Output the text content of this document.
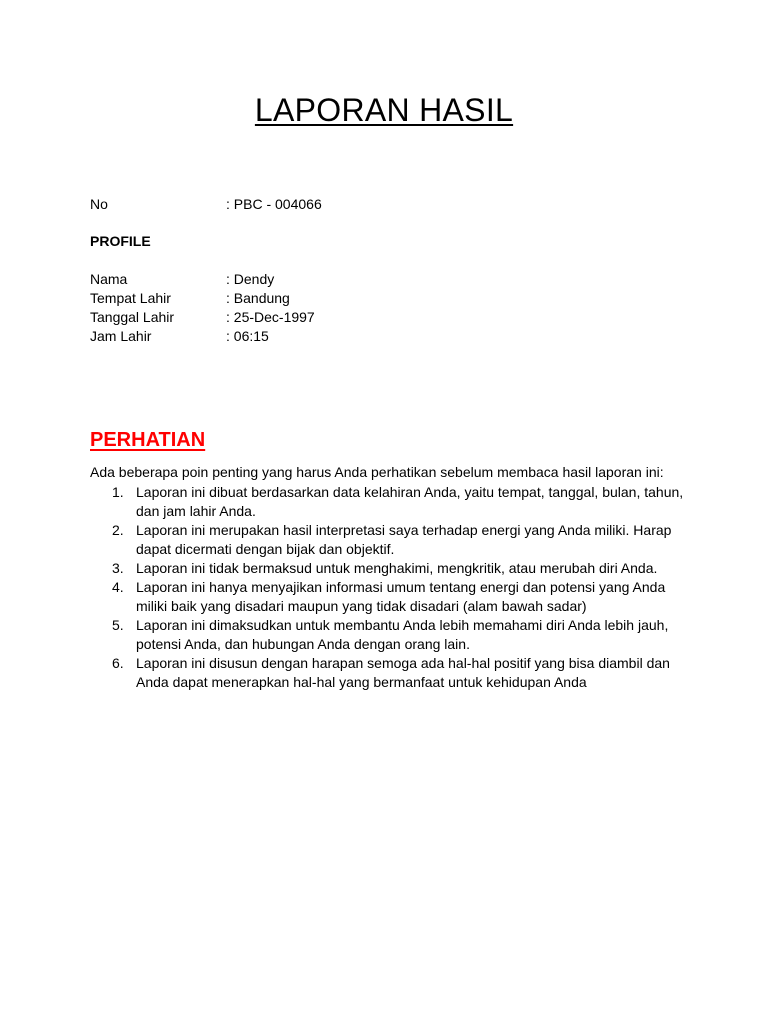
LAPORAN HASIL
No	: PBC - 004066
PROFILE
Nama	: Dendy
Tempat Lahir	: Bandung
Tanggal Lahir	: 25-Dec-1997
Jam Lahir	: 06:15
PERHATIAN
Ada beberapa poin penting yang harus Anda perhatikan sebelum membaca hasil laporan ini:
1. Laporan ini dibuat berdasarkan data kelahiran Anda, yaitu tempat, tanggal, bulan, tahun, dan jam lahir Anda.
2. Laporan ini merupakan hasil interpretasi saya terhadap energi yang Anda miliki. Harap dapat dicermati dengan bijak dan objektif.
3. Laporan ini tidak bermaksud untuk menghakimi, mengkritik, atau merubah diri Anda.
4. Laporan ini hanya menyajikan informasi umum tentang energi dan potensi yang Anda miliki baik yang disadari maupun yang tidak disadari (alam bawah sadar)
5. Laporan ini dimaksudkan untuk membantu Anda lebih memahami diri Anda lebih jauh, potensi Anda, dan hubungan Anda dengan orang lain.
6. Laporan ini disusun dengan harapan semoga ada hal-hal positif yang bisa diambil dan Anda dapat menerapkan hal-hal yang bermanfaat untuk kehidupan Anda
